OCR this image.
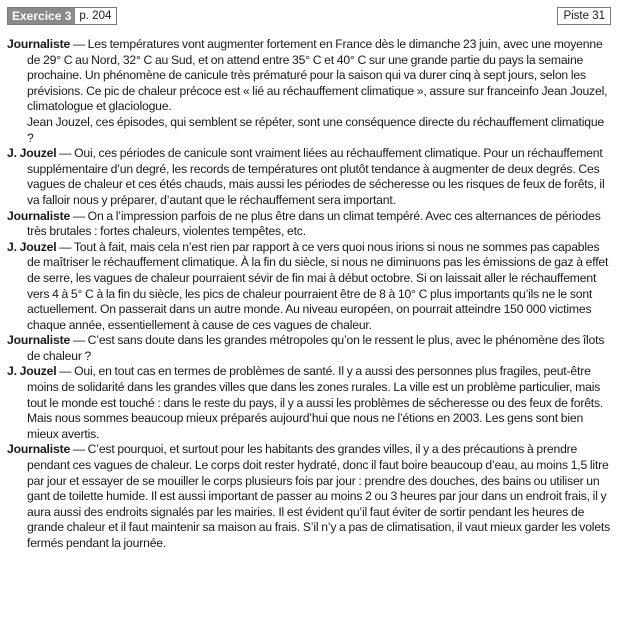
Exercice 3 p. 204	Piste 31

Journaliste — Les températures vont augmenter fortement en France dès le dimanche 23 juin, avec une moyenne de 29° C au Nord, 32° C au Sud, et on attend entre 35° C et 40° C sur une grande partie du pays la semaine prochaine. Un phénomène de canicule très prématuré pour la saison qui va durer cinq à sept jours, selon les prévisions. Ce pic de chaleur précoce est « lié au réchauffement climatique », assure sur franceinfo Jean Jouzel, climatologue et glaciologue.

Jean Jouzel, ces épisodes, qui semblent se répéter, sont une conséquence directe du réchauffement climatique ?

J. Jouzel — Oui, ces périodes de canicule sont vraiment liées au réchauffement climatique. Pour un réchauffement supplémentaire d’un degré, les records de températures ont plutôt tendance à augmenter de deux degrés. Ces vagues de chaleur et ces étés chauds, mais aussi les périodes de sécheresse ou les risques de feux de forêts, il va falloir nous y préparer, d’autant que le réchauffement sera important.

Journaliste — On a l’impression parfois de ne plus être dans un climat tempéré. Avec ces alternances de périodes très brutales : fortes chaleurs, violentes tempêtes, etc.

J. Jouzel — Tout à fait, mais cela n’est rien par rapport à ce vers quoi nous irions si nous ne sommes pas capables de maîtriser le réchauffement climatique. À la fin du siècle, si nous ne diminuons pas les émissions de gaz à effet de serre, les vagues de chaleur pourraient sévir de fin mai à début octobre. Si on laissait aller le réchauffement vers 4 à 5° C à la fin du siècle, les pics de chaleur pourraient être de 8 à 10° C plus importants qu’ils ne le sont actuellement. On passerait dans un autre monde. Au niveau européen, on pourrait atteindre 150 000 victimes chaque année, essentiellement à cause de ces vagues de chaleur.

Journaliste — C’est sans doute dans les grandes métropoles qu’on le ressent le plus, avec le phénomène des îlots de chaleur ?

J. Jouzel — Oui, en tout cas en termes de problèmes de santé. Il y a aussi des personnes plus fragiles, peut-être moins de solidarité dans les grandes villes que dans les zones rurales. La ville est un problème particulier, mais tout le monde est touché : dans le reste du pays, il y a aussi les problèmes de sécheresse ou des feux de forêts. Mais nous sommes beaucoup mieux préparés aujourd’hui que nous ne l’étions en 2003. Les gens sont bien mieux avertis.

Journaliste — C’est pourquoi, et surtout pour les habitants des grandes villes, il y a des précautions à prendre pendant ces vagues de chaleur. Le corps doit rester hydraté, donc il faut boire beaucoup d’eau, au moins 1,5 litre par jour et essayer de se mouiller le corps plusieurs fois par jour : prendre des douches, des bains ou utiliser un gant de toilette humide. Il est aussi important de passer au moins 2 ou 3 heures par jour dans un endroit frais, il y aura aussi des endroits signalés par les mairies. Il est évident qu’il faut éviter de sortir pendant les heures de grande chaleur et il faut maintenir sa maison au frais. S’il n’y a pas de climatisation, il vaut mieux garder les volets fermés pendant la journée.
